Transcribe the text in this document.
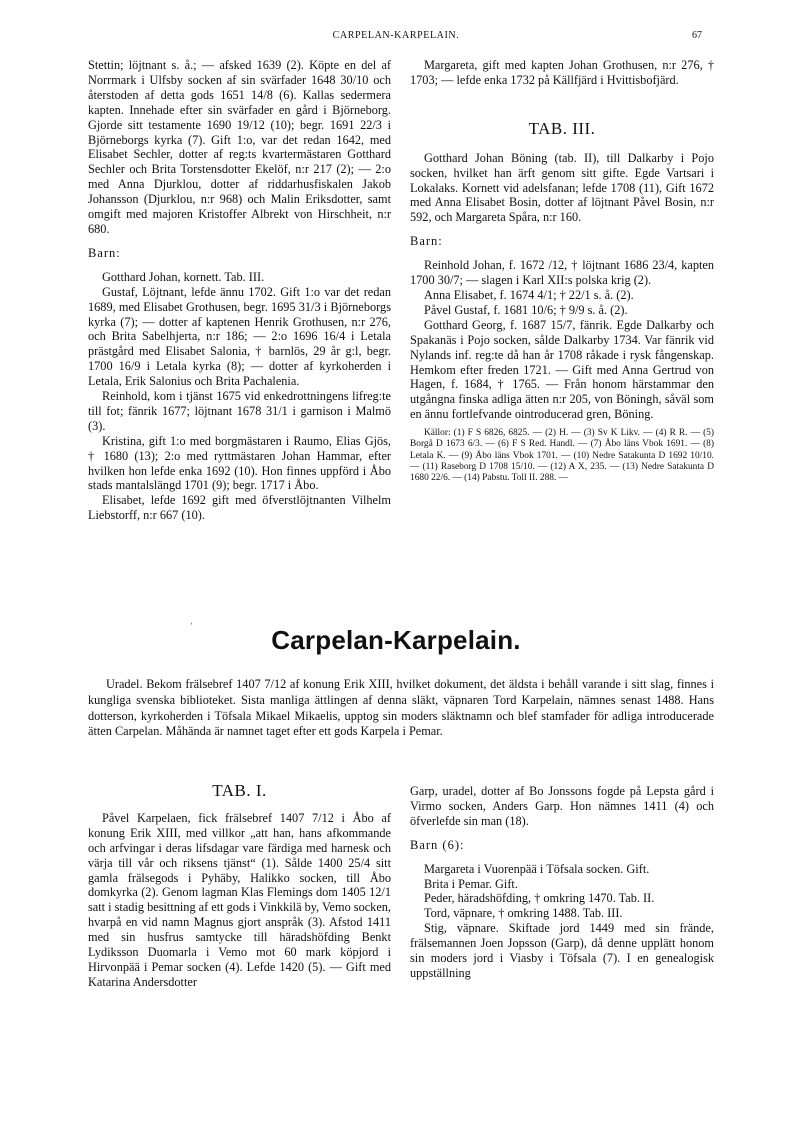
CARPELAN-KARPELAIN.	67

Stettin; löjtnant s. å.; — afsked 1639 (2). Köpte en del af Norrmark i Ulfsby socken af sin svärfader 1648 30/10 och återstoden af detta gods 1651 14/8 (6). Kallas sedermera kapten. Innehade efter sin svärfader en gård i Björneborg. Gjorde sitt testamente 1690 19/12 (10); begr. 1691 22/3 i Björneborgs kyrka (7). Gift 1:o, var det redan 1642, med Elisabet Sechler, dotter af reg:ts kvartermästaren Gotthard Sechler och Brita Torstensdotter Ekelöf, n:r 217 (2); — 2:o med Anna Djurklou, dotter af riddarhusfiskalen Jakob Johansson (Djurklou, n:r 968) och Malin Eriksdotter, samt omgift med majoren Kristoffer Albrekt von Hirschheit, n:r 680.

Barn:

Gotthard Johan, kornett. Tab. III.

Gustaf, Löjtnant, lefde ännu 1702. Gift 1:o var det redan 1689, med Elisabet Grothusen, begr. 1695 31/3 i Björneborgs kyrka (7); — dotter af kaptenen Henrik Grothusen, n:r 276, och Brita Sabelhjerta, n:r 186; — 2:o 1696 16/4 i Letala prästgård med Elisabet Salonia, † barnlös, 29 år g:l, begr. 1700 16/9 i Letala kyrka (8); — dotter af kyrkoherden i Letala, Erik Salonius och Brita Pachalenia.

Reinhold, kom i tjänst 1675 vid enkedrottningens lifreg:te till fot; fänrik 1677; löjtnant 1678 31/1 i garnison i Malmö (3).

Kristina, gift 1:o med borgmästaren i Raumo, Elias Gjös, † 1680 (13); 2:o med ryttmästaren Johan Hammar, efter hvilken hon lefde enka 1692 (10). Hon finnes uppförd i Åbo stads mantalslängd 1701 (9); begr. 1717 i Åbo.

Elisabet, lefde 1692 gift med öfverstlöjtnanten Vilhelm Liebstorff, n:r 667 (10).

Margareta, gift med kapten Johan Grothusen, n:r 276, † 1703; — lefde enka 1732 på Källfjärd i Hvittisbofjärd.

TAB. III.

Gotthard Johan Böning (tab. II), till Dalkarby i Pojo socken, hvilket han ärft genom sitt gifte. Egde Vartsari i Lokalaks. Kornett vid adelsfanan; lefde 1708 (11), Gift 1672 med Anna Elisabet Bosin, dotter af löjtnant Påvel Bosin, n:r 592, och Margareta Spåra, n:r 160.

Barn:

Reinhold Johan, f. 1672 /12, † löjtnant 1686 23/4, kapten 1700 30/7; — slagen i Karl XII:s polska krig (2).

Anna Elisabet, f. 1674 4/1; † 22/1 s. å. (2).

Påvel Gustaf, f. 1681 10/6; † 9/9 s. å. (2).

Gotthard Georg, f. 1687 15/7, fänrik. Egde Dalkarby och Spakanäs i Pojo socken, sålde Dalkarby 1734. Var fänrik vid Nylands inf. reg:te då han år 1708 råkade i rysk fångenskap. Hemkom efter freden 1721. — Gift med Anna Gertrud von Hagen, f. 1684, † 1765. — Från honom härstammar den utgångna finska adliga ätten n:r 205, von Böningh, såväl som en ännu fortlefvande ointroducerad gren, Böning.

Källor: (1) F S 6826, 6825. — (2) H. — (3) Sv K Likv. — (4) R R. — (5) Borgå D 1673 6/3. — (6) F S Red. Handl. — (7) Åbo läns Vbok 1691. — (8) Letala K. — (9) Åbo läns Vbok 1701. — (10) Nedre Satakunta D 1692 10/10. — (11) Raseborg D 1708 15/10. — (12) A X, 235. — (13) Nedre Satakunta D 1680 22/6. — (14) Pabstu. Toll II. 288. —

ˌ
Carpelan-Karpelain.

Uradel. Bekom frälsebref 1407 7/12 af konung Erik XIII, hvilket dokument, det äldsta i behåll varande i sitt slag, finnes i kungliga svenska biblioteket. Sista manliga ättlingen af denna släkt, väpnaren Tord Karpelain, nämnes senast 1488. Hans dotterson, kyrkoherden i Töfsala Mikael Mikaelis, upptog sin moders släktnamn och blef stamfader för adliga introducerade ätten Carpelan. Måhända är namnet taget efter ett gods Karpela i Pemar.

TAB. I.

Påvel Karpelaen, fick frälsebref 1407 7/12 i Åbo af konung Erik XIII, med villkor „att han, hans afkommande och arfvingar i deras lifsdagar vare färdiga med harnesk och värja till vår och riksens tjänst“ (1). Sålde 1400 25/4 sitt gamla frälsegods i Pyhäby, Halikko socken, till Åbo domkyrka (2). Genom lagman Klas Flemings dom 1405 12/1 satt i stadig besittning af ett gods i Vinkkilä by, Vemo socken, hvarpå en vid namn Magnus gjort anspråk (3). Afstod 1411 med sin husfrus samtycke till häradshöfding Benkt Lydiksson Duomarla i Vemo mot 60 mark köpjord i Hirvonpää i Pemar socken (4). Lefde 1420 (5). — Gift med Katarina Andersdotter

Garp, uradel, dotter af Bo Jonssons fogde på Lepsta gård i Virmo socken, Anders Garp. Hon nämnes 1411 (4) och öfverlefde sin man (18).

Barn (6):

Margareta i Vuorenpää i Töfsala socken. Gift.

Brita i Pemar. Gift.

Peder, häradshöfding, † omkring 1470. Tab. II.

Tord, väpnare, † omkring 1488. Tab. III.

Stig, väpnare. Skiftade jord 1449 med sin frände, frälsemannen Joen Jopsson (Garp), då denne upplätt honom sin moders jord i Viasby i Töfsala (7). I en genealogisk uppställning
